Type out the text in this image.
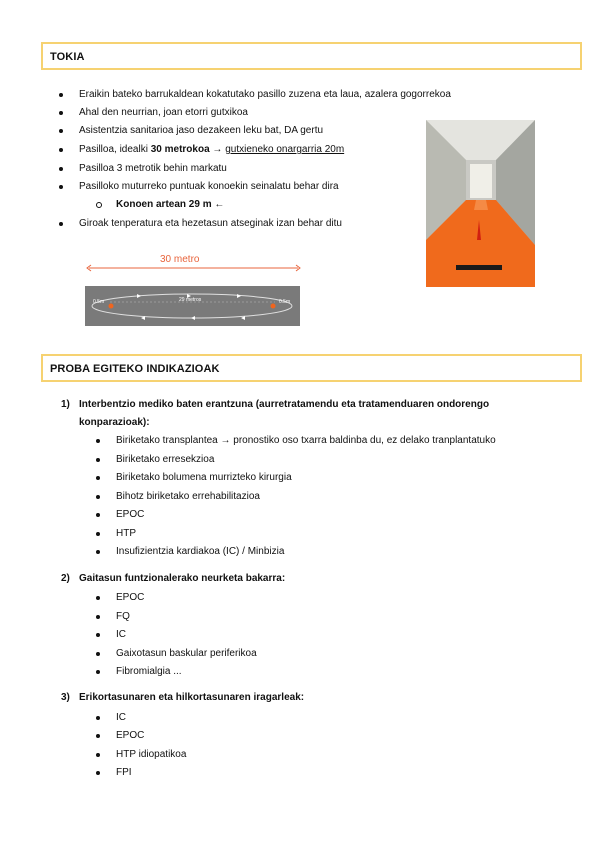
TOKIA
Eraikin bateko barrukaldean kokatutako pasillo zuzena eta laua, azalera gogorrekoa
Ahal den neurrian, joan etorri gutxikoa
Asistentzia sanitarioa jaso dezakeen leku bat, DA gertu
Pasilloa, idealki 30 metrokoa → gutxieneko onargarria 20m
Pasilloa 3 metrotik behin markatu
Pasilloko muturreko puntuak konoekin seinalatu behar dira
Konoen artean 29 m ←
Giroak tenperatura eta hezetasun atseginak izan behar ditu
30 metro
0.5m	29 metros	0.5m
PROBA EGITEKO INDIKAZIOAK
1) Interbentzio mediko baten erantzuna (aurretratamendu eta tratamenduaren ondorengo
konparazioak):
Biriketako transplantea → pronostiko oso txarra baldinba du, ez delako tranplantatuko
Biriketako erresekzioa
Biriketako bolumena murrizteko kirurgia
Bihotz biriketako errehabilitazioa
EPOC
HTP
Insufizientzia kardiakoa (IC) / Minbizia
2) Gaitasun funtzionalerako neurketa bakarra:
EPOC
FQ
IC
Gaixotasun baskular periferikoa
Fibromialgia ...
3) Erikortasunaren eta hilkortasunaren iragarleak:
IC
EPOC
HTP idiopatikoa
FPI
